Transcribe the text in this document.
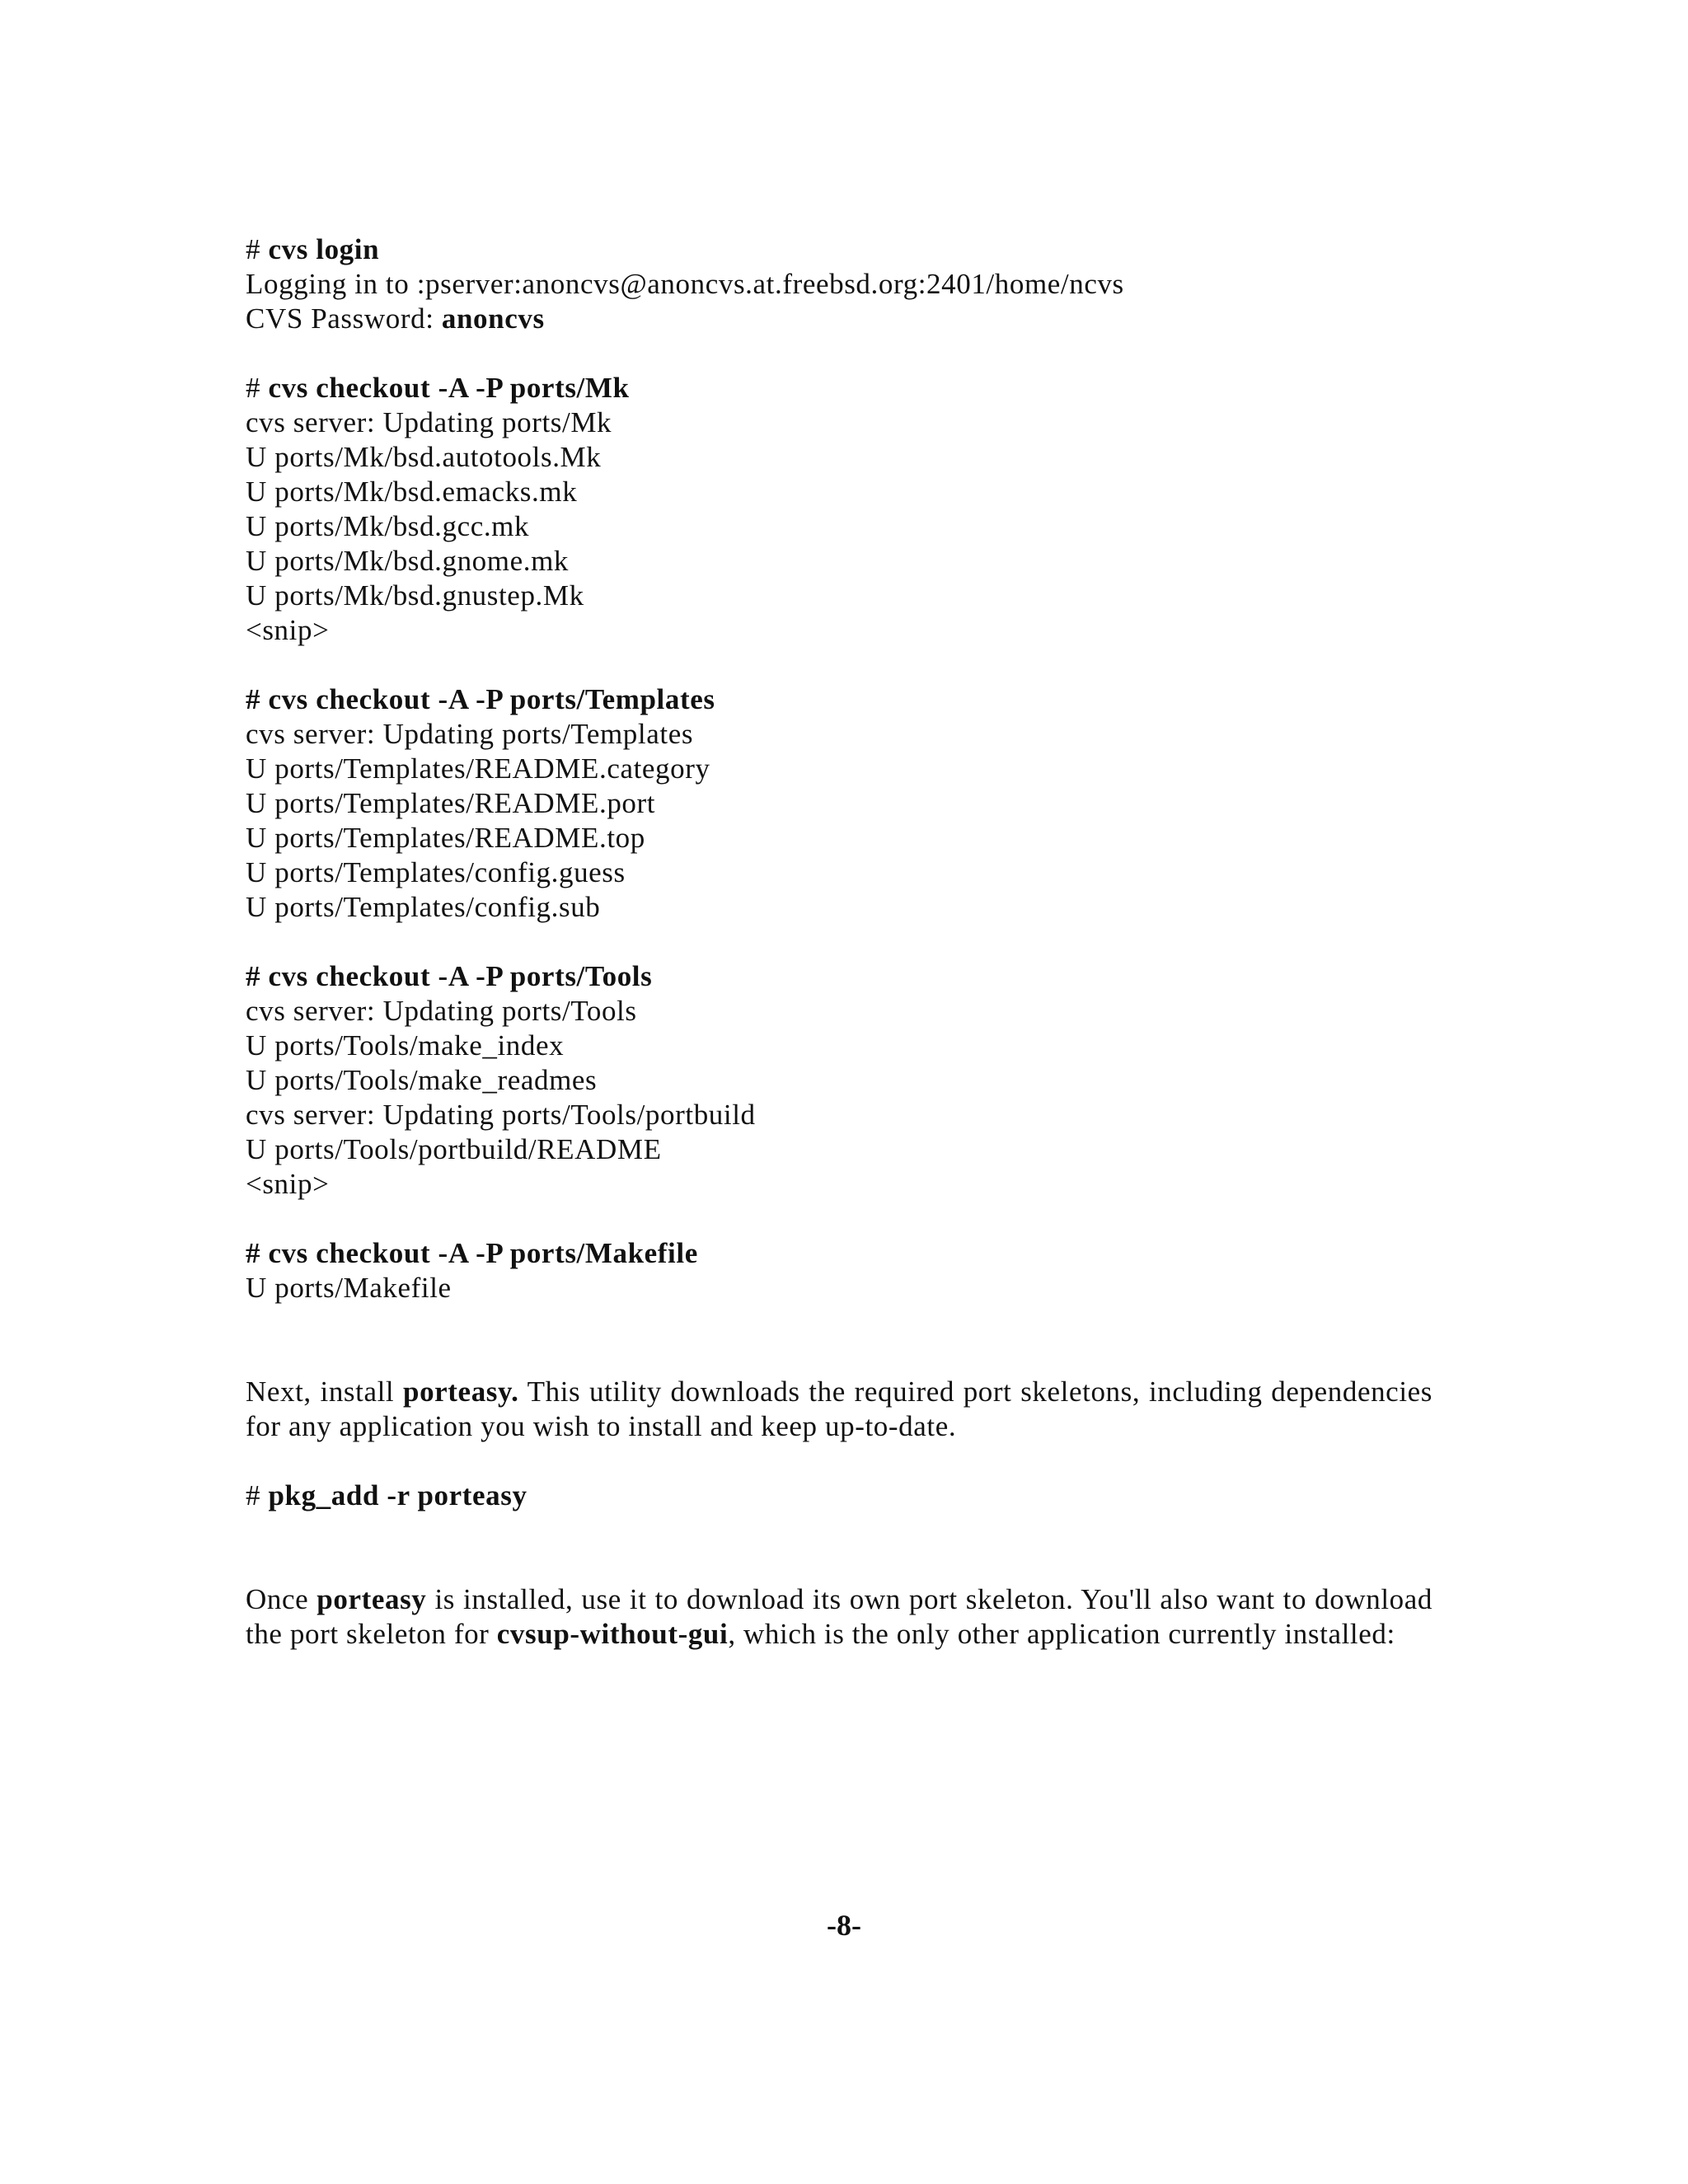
# cvs login
Logging in to :pserver:anoncvs@anoncvs.at.freebsd.org:2401/home/ncvs
CVS Password: anoncvs
# cvs checkout -A -P ports/Mk
cvs server: Updating ports/Mk
U ports/Mk/bsd.autotools.Mk
U ports/Mk/bsd.emacks.mk
U ports/Mk/bsd.gcc.mk
U ports/Mk/bsd.gnome.mk
U ports/Mk/bsd.gnustep.Mk
<snip>
# cvs checkout -A -P ports/Templates
cvs server: Updating ports/Templates
U ports/Templates/README.category
U ports/Templates/README.port
U ports/Templates/README.top
U ports/Templates/config.guess
U ports/Templates/config.sub
# cvs checkout -A -P ports/Tools
cvs server: Updating ports/Tools
U ports/Tools/make_index
U ports/Tools/make_readmes
cvs server: Updating ports/Tools/portbuild
U ports/Tools/portbuild/README
<snip>
# cvs checkout -A -P ports/Makefile
U ports/Makefile
Next, install porteasy. This utility downloads the required port skeletons, including dependencies for any application you wish to install and keep up-to-date.
# pkg_add -r porteasy
Once porteasy is installed, use it to download its own port skeleton. You'll also want to download the port skeleton for cvsup-without-gui, which is the only other application currently installed:
-8-
